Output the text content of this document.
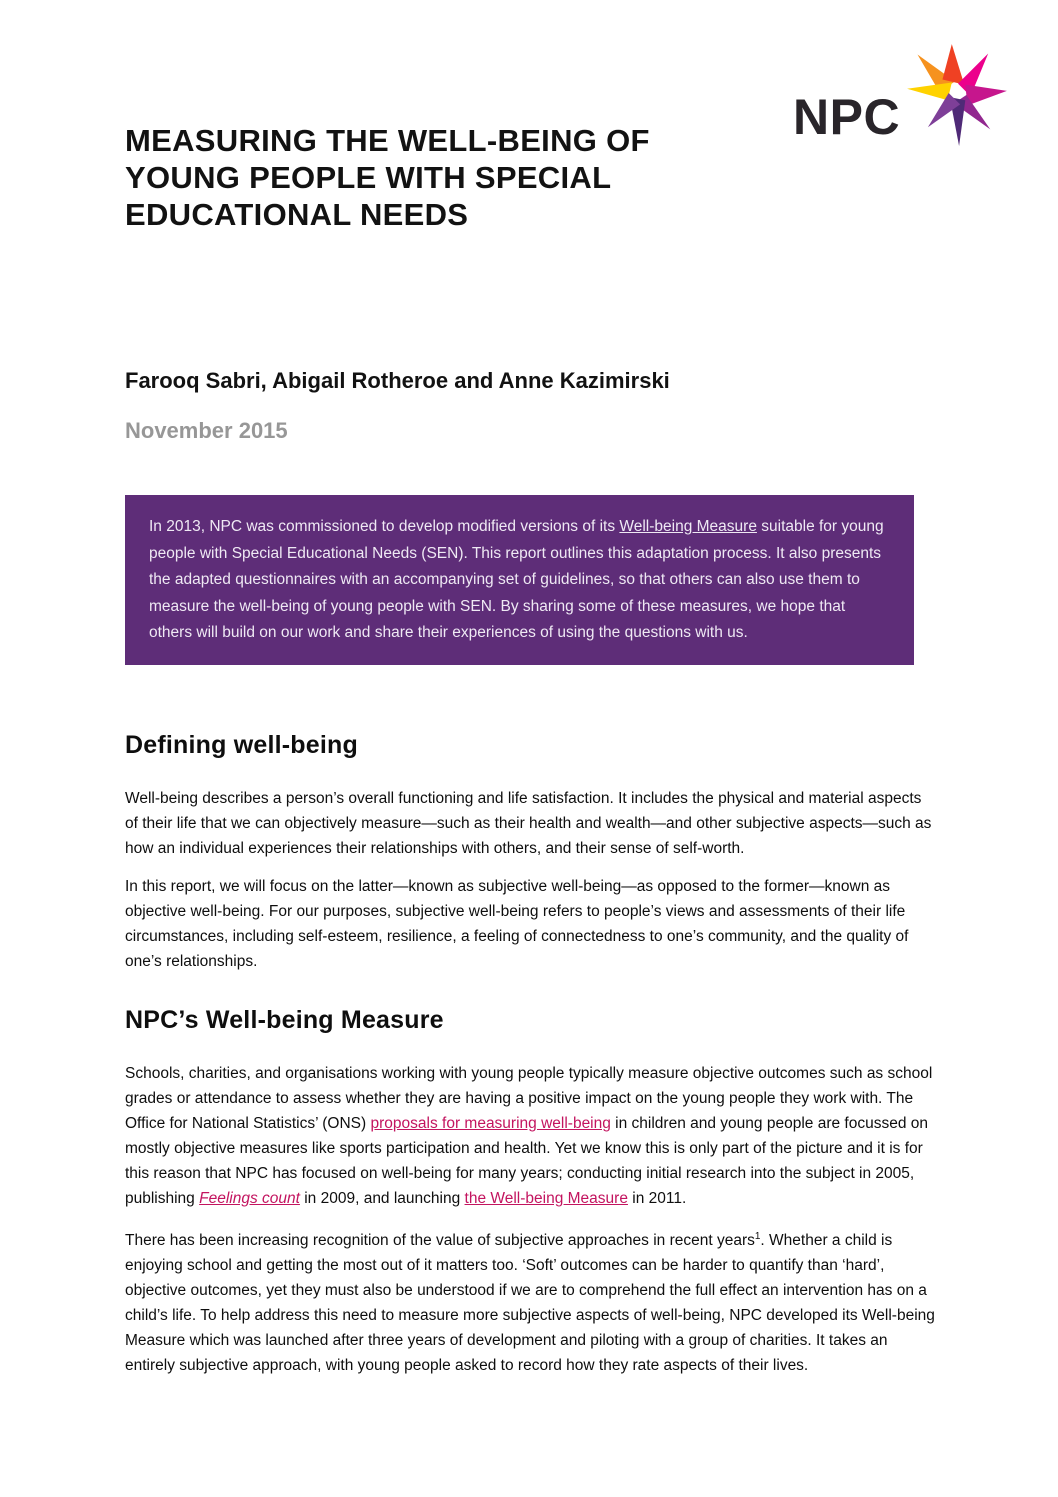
MEASURING THE WELL-BEING OF
YOUNG PEOPLE WITH SPECIAL
EDUCATIONAL NEEDS
NPC
Farooq Sabri, Abigail Rotheroe and Anne Kazimirski
November 2015

In 2013, NPC was commissioned to develop modified versions of its Well-being Measure suitable for young people with Special Educational Needs (SEN). This report outlines this adaptation process. It also presents the adapted questionnaires with an accompanying set of guidelines, so that others can also use them to measure the well-being of young people with SEN. By sharing some of these measures, we hope that others will build on our work and share their experiences of using the questions with us.

Defining well-being

Well-being describes a person’s overall functioning and life satisfaction. It includes the physical and material aspects of their life that we can objectively measure—such as their health and wealth—and other subjective aspects—such as how an individual experiences their relationships with others, and their sense of self-worth.

In this report, we will focus on the latter—known as subjective well-being—as opposed to the former—known as objective well-being. For our purposes, subjective well-being refers to people’s views and assessments of their life circumstances, including self-esteem, resilience, a feeling of connectedness to one’s community, and the quality of one’s relationships.

NPC’s Well-being Measure

Schools, charities, and organisations working with young people typically measure objective outcomes such as school grades or attendance to assess whether they are having a positive impact on the young people they work with. The Office for National Statistics’ (ONS) proposals for measuring well-being in children and young people are focussed on mostly objective measures like sports participation and health. Yet we know this is only part of the picture and it is for this reason that NPC has focused on well-being for many years; conducting initial research into the subject in 2005, publishing Feelings count in 2009, and launching the Well-being Measure in 2011.

There has been increasing recognition of the value of subjective approaches in recent years$^1$. Whether a child is enjoying school and getting the most out of it matters too. ‘Soft’ outcomes can be harder to quantify than ‘hard’, objective outcomes, yet they must also be understood if we are to comprehend the full effect an intervention has on a child’s life. To help address this need to measure more subjective aspects of well-being, NPC developed its Well-being Measure which was launched after three years of development and piloting with a group of charities. It takes an entirely subjective approach, with young people asked to record how they rate aspects of their lives.
